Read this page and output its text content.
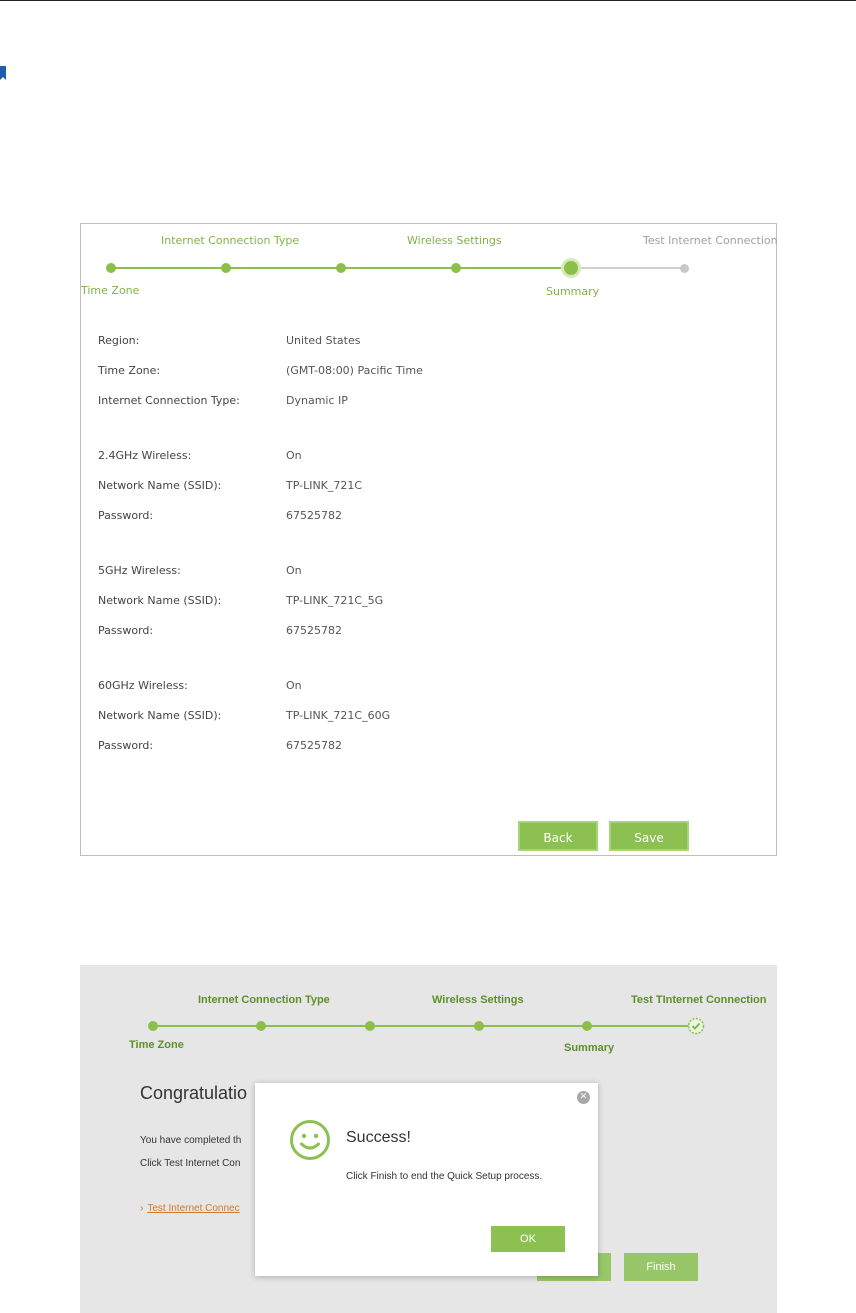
Internet Connection Type	Wireless Settings	Test Internet Connection
Time Zone	Summary
Region:	United States
Time Zone:	(GMT-08:00) Pacific Time
Internet Connection Type:	Dynamic IP
2.4GHz Wireless:	On
Network Name (SSID):	TP-LINK_721C
Password:	67525782
5GHz Wireless:	On
Network Name (SSID):	TP-LINK_721C_5G
Password:	67525782
60GHz Wireless:	On
Network Name (SSID):	TP-LINK_721C_60G
Password:	67525782
Back	Save
Internet Connection Type	Wireless Settings	Test TInternet Connection
Time Zone	Summary
Congratulatio
You have completed th
Click Test Internet Con
› Test Internet Connec
Finish
✕
Success!
Click Finish to end the Quick Setup process.
OK
